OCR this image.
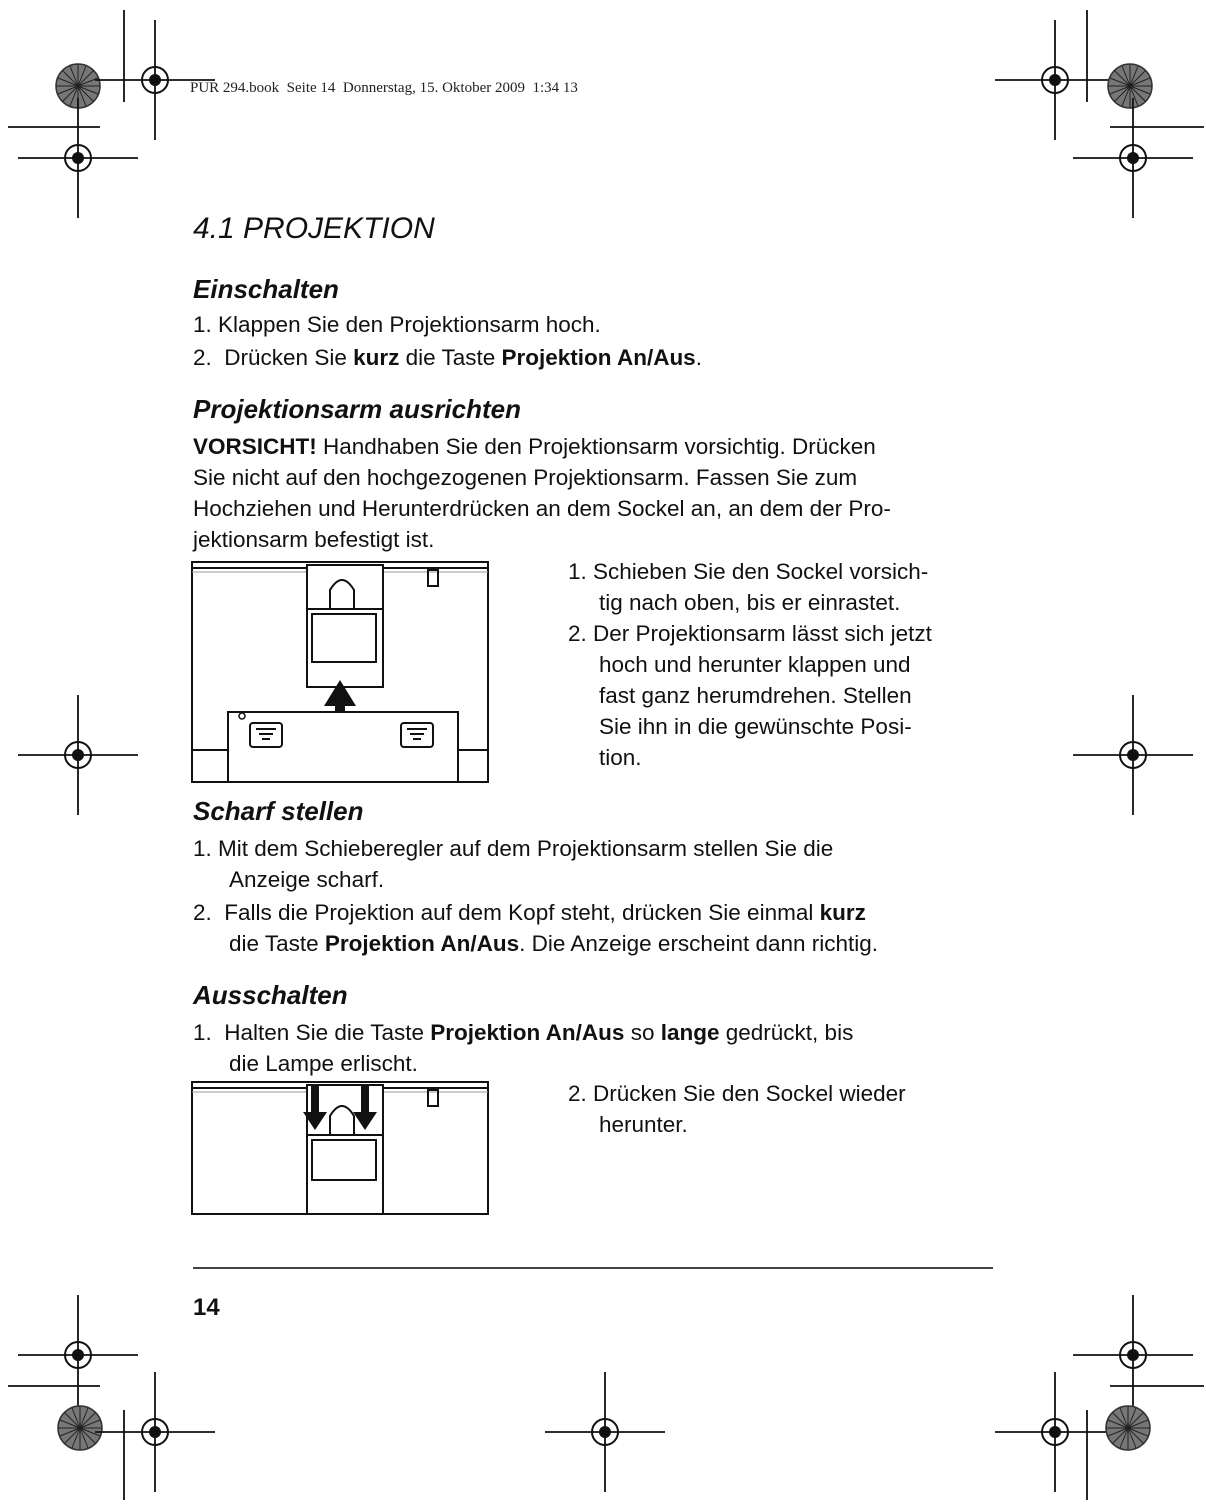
PUR 294.book  Seite 14  Donnerstag, 15. Oktober 2009  1:34 13
4.1 PROJEKTION
Einschalten
1. Klappen Sie den Projektionsarm hoch.
2. Drücken Sie kurz die Taste Projektion An/Aus.
Projektionsarm ausrichten
VORSICHT! Handhaben Sie den Projektionsarm vorsichtig. Drücken
Sie nicht auf den hochgezogenen Projektionsarm. Fassen Sie zum
Hochziehen und Herunterdrücken an dem Sockel an, an dem der Pro-
jektionsarm befestigt ist.
1. Schieben Sie den Sockel vorsich-
tig nach oben, bis er einrastet.
2. Der Projektionsarm lässt sich jetzt
hoch und herunter klappen und
fast ganz herumdrehen. Stellen
Sie ihn in die gewünschte Posi-
tion.
Scharf stellen
1. Mit dem Schieberegler auf dem Projektionsarm stellen Sie die
Anzeige scharf.
2. Falls die Projektion auf dem Kopf steht, drücken Sie einmal kurz
die Taste Projektion An/Aus. Die Anzeige erscheint dann richtig.
Ausschalten
1. Halten Sie die Taste Projektion An/Aus so lange gedrückt, bis
die Lampe erlischt.
2. Drücken Sie den Sockel wieder
herunter.
14
